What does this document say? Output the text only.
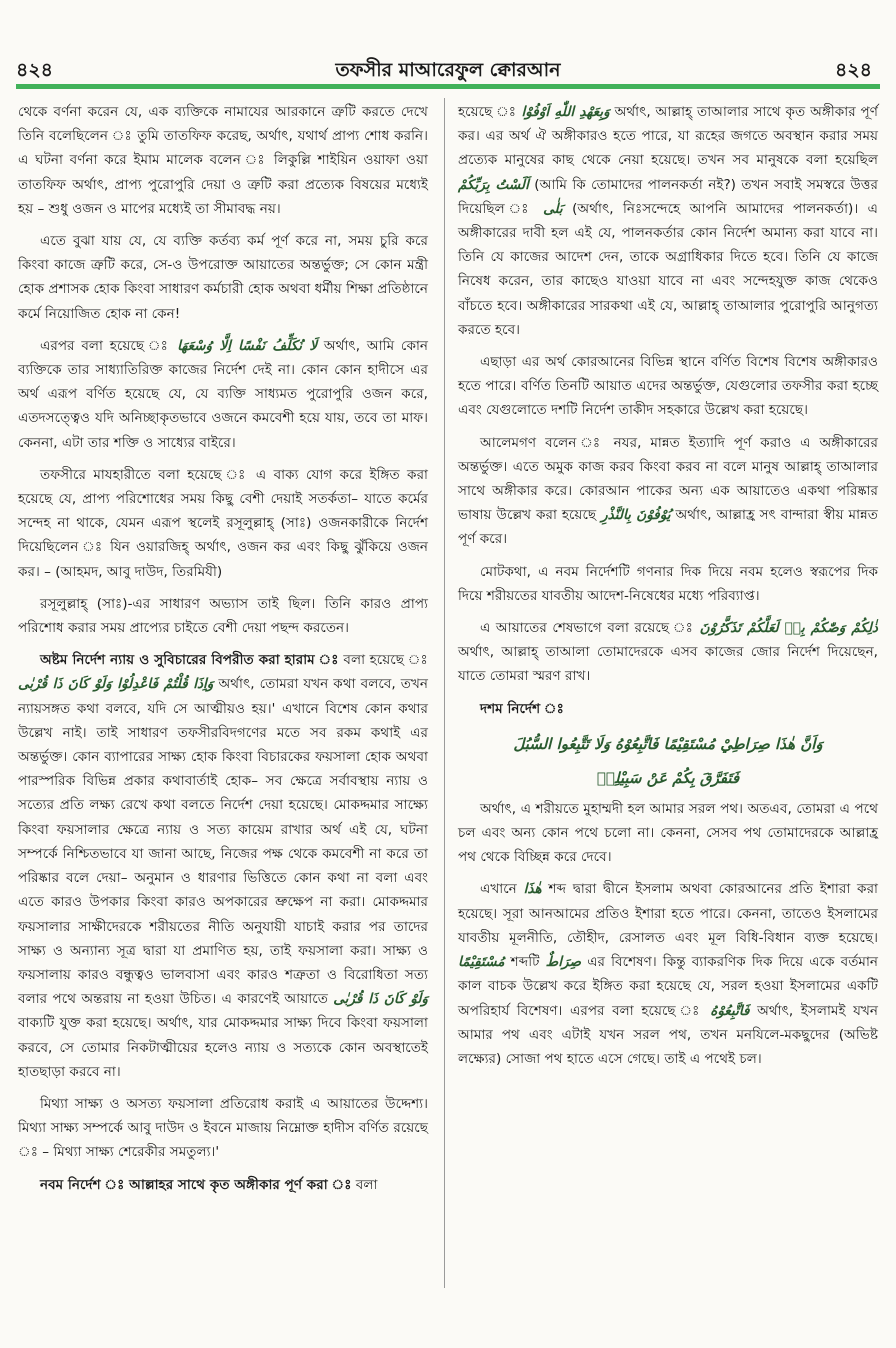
৪২৪	তফসীর মাআরেফুল ক্বোরআন	৪২৪

থেকে বর্ণনা করেন যে, এক ব্যক্তিকে নামাযের আরকানে ত্রুটি করতে দেখে তিনি বলেছিলেন ঃ তুমি তাতফিফ করেছ, অর্থাৎ, যথার্থ প্রাপ্য শোধ করনি। এ ঘটনা বর্ণনা করে ইমাম মালেক বলেন ঃ লিকুল্লি শাইয়িন ওয়াফা ওয়া তাতফিফ অর্থাৎ, প্রাপ্য পুরোপুরি দেয়া ও ত্রুটি করা প্রত্যেক বিষয়ের মধ্যেই হয় – শুধু ওজন ও মাপের মধ্যেই তা সীমাবদ্ধ নয়।

এতে বুঝা যায় যে, যে ব্যক্তি কর্তব্য কর্ম পূর্ণ করে না, সময় চুরি করে কিংবা কাজে ত্রুটি করে, সে-ও উপরোক্ত আয়াতের অন্তর্ভুক্ত; সে কোন মন্ত্রী হোক প্রশাসক হোক কিংবা সাধারণ কর্মচারী হোক অথবা ধর্মীয় শিক্ষা প্রতিষ্ঠানে কর্মে নিয়োজিত হোক না কেন!

এরপর বলা হয়েছে ঃ لَا نُكَلِّفُ نَفْسًا اِلَّا وُسْعَهَا অর্থাৎ, আমি কোন ব্যক্তিকে তার সাধ্যাতিরিক্ত কাজের নির্দেশ দেই না। কোন কোন হাদীসে এর অর্থ এরূপ বর্ণিত হয়েছে যে, যে ব্যক্তি সাধ্যমত পুরোপুরি ওজন করে, এতদসত্ত্বেও যদি অনিচ্ছাকৃতভাবে ওজনে কমবেশী হয়ে যায়, তবে তা মাফ। কেননা, এটা তার শক্তি ও সাধ্যের বাইরে।

তফসীরে মাযহারীতে বলা হয়েছে ঃ এ বাক্য যোগ করে ইঙ্গিত করা হয়েছে যে, প্রাপ্য পরিশোধের সময় কিছু বেশী দেয়াই সতর্কতা– যাতে কর্মের সন্দেহ না থাকে, যেমন এরূপ স্থলেই রসূলুল্লাহ্ (সাঃ) ওজনকারীকে নির্দেশ দিয়েছিলেন ঃ যিন ওয়ারজিহ্ অর্থাৎ, ওজন কর এবং কিছু ঝুঁকিয়ে ওজন কর। – (আহমদ, আবু দাউদ, তিরমিযী)

রসূলুল্লাহ্ (সাঃ)-এর সাধারণ অভ্যাস তাই ছিল। তিনি কারও প্রাপ্য পরিশোধ করার সময় প্রাপ্যের চাইতে বেশী দেয়া পছন্দ করতেন।

অষ্টম নির্দেশ ন্যায় ও সুবিচারের বিপরীত করা হারাম ঃ বলা হয়েছে ঃ وَاِذَا قُلْتُمْ فَاعْدِلُوْا وَلَوْ كَانَ ذَا قُرْبٰى অর্থাৎ, তোমরা যখন কথা বলবে, তখন ন্যায়সঙ্গত কথা বলবে, যদি সে আত্মীয়ও হয়।' এখানে বিশেষ কোন কথার উল্লেখ নাই। তাই সাধারণ তফসীরবিদগণের মতে সব রকম কথাই এর অন্তর্ভুক্ত। কোন ব্যাপারের সাক্ষ্য হোক কিংবা বিচারকের ফয়সালা হোক অথবা পারস্পরিক বিভিন্ন প্রকার কথাবার্তাই হোক– সব ক্ষেত্রে সর্বাবস্থায় ন্যায় ও সত্যের প্রতি লক্ষ্য রেখে কথা বলতে নির্দেশ দেয়া হয়েছে। মোকদ্দমার সাক্ষ্যে কিংবা ফয়সালার ক্ষেত্রে ন্যায় ও সত্য কায়েম রাখার অর্থ এই যে, ঘটনা সম্পর্কে নিশ্চিতভাবে যা জানা আছে, নিজের পক্ষ থেকে কমবেশী না করে তা পরিষ্কার বলে দেয়া– অনুমান ও ধারণার ভিত্তিতে কোন কথা না বলা এবং এতে কারও উপকার কিংবা কারও অপকারের ভ্রুক্ষেপ না করা। মোকদ্দমার ফয়সালার সাক্ষীদেরকে শরীয়তের নীতি অনুযায়ী যাচাই করার পর তাদের সাক্ষ্য ও অন্যান্য সূত্র দ্বারা যা প্রমাণিত হয়, তাই ফয়সালা করা। সাক্ষ্য ও ফয়সালায় কারও বন্ধুত্বও ভালবাসা এবং কারও শত্রুতা ও বিরোধিতা সত্য বলার পথে অন্তরায় না হওয়া উচিত। এ কারণেই আয়াতে وَلَوْ كَانَ ذَا قُرْبٰى বাক্যটি যুক্ত করা হয়েছে। অর্থাৎ, যার মোকদ্দমার সাক্ষ্য দিবে কিংবা ফয়সালা করবে, সে তোমার নিকটাত্মীয়ের হলেও ন্যায় ও সত্যকে কোন অবস্থাতেই হাতছাড়া করবে না।

মিথ্যা সাক্ষ্য ও অসত্য ফয়সালা প্রতিরোধ করাই এ আয়াতের উদ্দেশ্য। মিথ্যা সাক্ষ্য সম্পর্কে আবু দাউদ ও ইবনে মাজায় নিম্নোক্ত হাদীস বর্ণিত রয়েছে ঃ – মিথ্যা সাক্ষ্য শেরেকীর সমতুল্য।'

নবম নির্দেশ ঃ আল্লাহর সাথে কৃত অঙ্গীকার পূর্ণ করা ঃ বলা

হয়েছে ঃ وَبِعَهْدِ اللّٰهِ اَوْفُوْا অর্থাৎ, আল্লাহ্ তাআলার সাথে কৃত অঙ্গীকার পূর্ণ কর। এর অর্থ ঐ অঙ্গীকারও হতে পারে, যা রূহের জগতে অবস্থান করার সময় প্রত্যেক মানুষের কাছ থেকে নেয়া হয়েছে। তখন সব মানুষকে বলা হয়েছিল اَلَسْتُ بِرَبِّكُمْ (আমি কি তোমাদের পালনকর্তা নই?) তখন সবাই সমস্বরে উত্তর দিয়েছিল ঃ بَلٰى (অর্থাৎ, নিঃসন্দেহে আপনি আমাদের পালনকর্তা)। এ অঙ্গীকারের দাবী হল এই যে, পালনকর্তার কোন নির্দেশ অমান্য করা যাবে না। তিনি যে কাজের আদেশ দেন, তাকে অগ্রাধিকার দিতে হবে। তিনি যে কাজে নিষেধ করেন, তার কাছেও যাওয়া যাবে না এবং সন্দেহযুক্ত কাজ থেকেও বাঁচতে হবে। অঙ্গীকারের সারকথা এই যে, আল্লাহ্ তাআলার পুরোপুরি আনুগত্য করতে হবে।

এছাড়া এর অর্থ কোরআনের বিভিন্ন স্থানে বর্ণিত বিশেষ বিশেষ অঙ্গীকারও হতে পারে। বর্ণিত তিনটি আয়াত এদের অন্তর্ভুক্ত, যেগুলোর তফসীর করা হচ্ছে এবং যেগুলোতে দশটি নির্দেশ তাকীদ সহকারে উল্লেখ করা হয়েছে।

আলেমগণ বলেন ঃ নযর, মান্নত ইত্যাদি পূর্ণ করাও এ অঙ্গীকারের অন্তর্ভুক্ত। এতে অমুক কাজ করব কিংবা করব না বলে মানুষ আল্লাহ্ তাআলার সাথে অঙ্গীকার করে। কোরআন পাকের অন্য এক আয়াতেও একথা পরিষ্কার ভাষায় উল্লেখ করা হয়েছে يُوْفُوْنَ بِالنَّذْرِ অর্থাৎ, আল্লাহ্র সৎ বান্দারা স্বীয় মান্নত পূর্ণ করে।

মোটকথা, এ নবম নির্দেশটি গণনার দিক দিয়ে নবম হলেও স্বরূপের দিক দিয়ে শরীয়তের যাবতীয় আদেশ-নিষেধের মধ্যে পরিব্যাপ্ত।

এ আয়াতের শেষভাগে বলা রয়েছে ঃ ذٰلِكُمْ وَصّٰكُمْ بِهٖ لَعَلَّكُمْ تَذَكَّرُوْنَ অর্থাৎ, আল্লাহ্ তাআলা তোমাদেরকে এসব কাজের জোর নির্দেশ দিয়েছেন, যাতে তোমরা স্মরণ রাখ।

দশম নির্দেশ ঃ

وَاَنَّ هٰذَا صِرَاطِيْ مُسْتَقِيْمًا فَاتَّبِعُوْهُ وَلَا تَتَّبِعُوا السُّبُلَ
فَتَفَرَّقَ بِكُمْ عَنْ سَبِيْلِهٖ

অর্থাৎ, এ শরীয়তে মুহাম্মদী হল আমার সরল পথ। অতএব, তোমরা এ পথে চল এবং অন্য কোন পথে চলো না। কেননা, সেসব পথ তোমাদেরকে আল্লাহ্র পথ থেকে বিচ্ছিন্ন করে দেবে।

এখানে هٰذَا শব্দ দ্বারা দ্বীনে ইসলাম অথবা কোরআনের প্রতি ইশারা করা হয়েছে। সূরা আনআমের প্রতিও ইশারা হতে পারে। কেননা, তাতেও ইসলামের যাবতীয় মূলনীতি, তৌহীদ, রেসালত এবং মূল বিধি-বিধান ব্যক্ত হয়েছে। مُسْتَقِيْمًا শব্দটি صِرَاطٌ এর বিশেষণ। কিন্তু ব্যাকরণিক দিক দিয়ে একে বর্তমান কাল বাচক উল্লেখ করে ইঙ্গিত করা হয়েছে যে, সরল হওয়া ইসলামের একটি অপরিহার্য বিশেষণ। এরপর বলা হয়েছে ঃ فَاتَّبِعُوْهُ অর্থাৎ, ইসলামই যখন আমার পথ এবং এটাই যখন সরল পথ, তখন মনযিলে-মকছুদের (অভিষ্ট লক্ষ্যের) সোজা পথ হাতে এসে গেছে। তাই এ পথেই চল।
